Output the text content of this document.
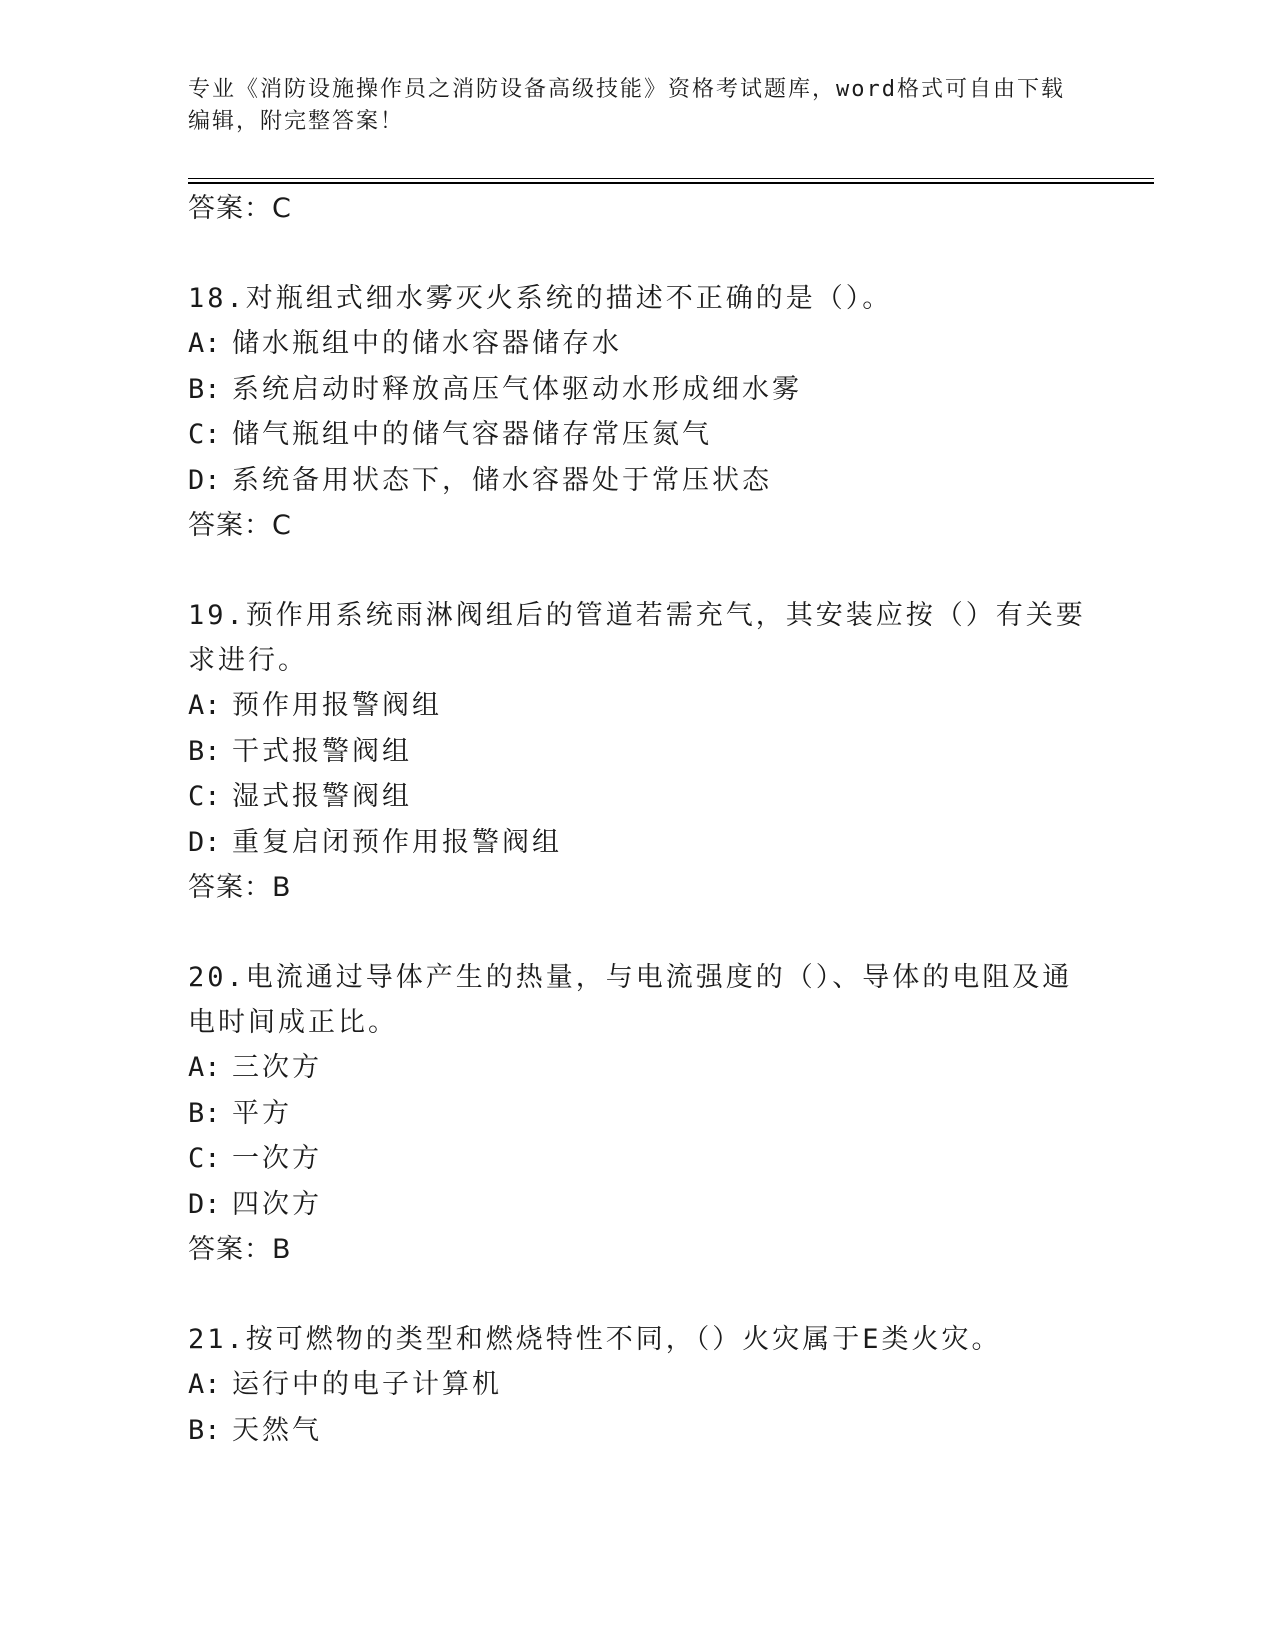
专业《消防设施操作员之消防设备高级技能》资格考试题库，word格式可自由下载编辑，附完整答案！
答案：C
18.对瓶组式细水雾灭火系统的描述不正确的是（）。
A: 储水瓶组中的储水容器储存水
B: 系统启动时释放高压气体驱动水形成细水雾
C: 储气瓶组中的储气容器储存常压氮气
D: 系统备用状态下，储水容器处于常压状态
答案：C
19.预作用系统雨淋阀组后的管道若需充气，其安装应按（）有关要求进行。
A: 预作用报警阀组
B: 干式报警阀组
C: 湿式报警阀组
D: 重复启闭预作用报警阀组
答案：B
20.电流通过导体产生的热量，与电流强度的（）、导体的电阻及通电时间成正比。
A: 三次方
B: 平方
C: 一次方
D: 四次方
答案：B
21.按可燃物的类型和燃烧特性不同，（）火灾属于E类火灾。
A: 运行中的电子计算机
B: 天然气
